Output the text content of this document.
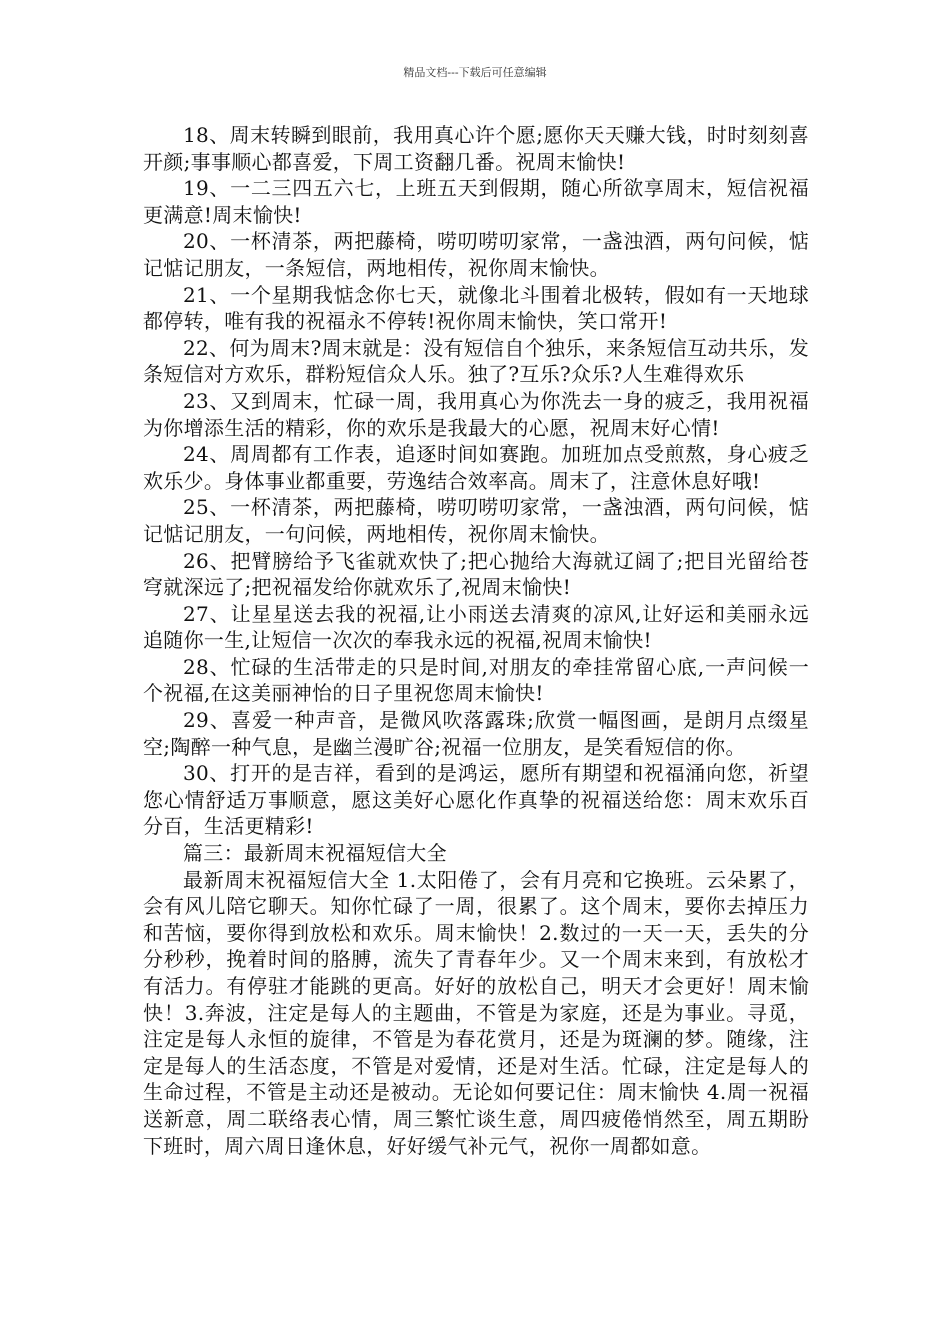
精品文档---下载后可任意编辑

18、周末转瞬到眼前，我用真心许个愿;愿你天天赚大钱，时时刻刻喜开颜;事事顺心都喜爱，下周工资翻几番。祝周末愉快!

19、一二三四五六七，上班五天到假期，随心所欲享周末，短信祝福更满意!周末愉快!

20、一杯清茶，两把藤椅，唠叨唠叨家常，一盏浊酒，两句问候，惦记惦记朋友，一条短信，两地相传，祝你周末愉快。

21、一个星期我惦念你七天，就像北斗围着北极转，假如有一天地球都停转，唯有我的祝福永不停转!祝你周末愉快，笑口常开!

22、何为周末?周末就是：没有短信自个独乐，来条短信互动共乐，发条短信对方欢乐，群粉短信众人乐。独了?互乐?众乐?人生难得欢乐

23、又到周末，忙碌一周，我用真心为你洗去一身的疲乏，我用祝福为你增添生活的精彩，你的欢乐是我最大的心愿，祝周末好心情!

24、周周都有工作表，追逐时间如赛跑。加班加点受煎熬，身心疲乏欢乐少。身体事业都重要，劳逸结合效率高。周末了，注意休息好哦!

25、一杯清茶，两把藤椅，唠叨唠叨家常，一盏浊酒，两句问候，惦记惦记朋友，一句问候，两地相传，祝你周末愉快。

26、把臂膀给予飞雀就欢快了;把心抛给大海就辽阔了;把目光留给苍穹就深远了;把祝福发给你就欢乐了,祝周末愉快!

27、让星星送去我的祝福,让小雨送去清爽的凉风,让好运和美丽永远追随你一生,让短信一次次的奉我永远的祝福,祝周末愉快!

28、忙碌的生活带走的只是时间,对朋友的牵挂常留心底,一声问候一个祝福,在这美丽神怡的日子里祝您周末愉快!

29、喜爱一种声音，是微风吹落露珠;欣赏一幅图画，是朗月点缀星空;陶醉一种气息，是幽兰漫旷谷;祝福一位朋友，是笑看短信的你。

30、打开的是吉祥，看到的是鸿运，愿所有期望和祝福涌向您，祈望您心情舒适万事顺意，愿这美好心愿化作真挚的祝福送给您：周末欢乐百分百，生活更精彩!

篇三：最新周末祝福短信大全

最新周末祝福短信大全 1.太阳倦了，会有月亮和它换班。云朵累了，会有风儿陪它聊天。知你忙碌了一周，很累了。这个周末，要你去掉压力和苦恼，要你得到放松和欢乐。周末愉快！2.数过的一天一天，丢失的分分秒秒，挽着时间的胳膊，流失了青春年少。又一个周末来到，有放松才有活力。有停驻才能跳的更高。好好的放松自己，明天才会更好！周末愉快！3.奔波，注定是每人的主题曲，不管是为家庭，还是为事业。寻觅，注定是每人永恒的旋律，不管是为春花赏月，还是为斑澜的梦。随缘，注定是每人的生活态度，不管是对爱情，还是对生活。忙碌，注定是每人的生命过程，不管是主动还是被动。无论如何要记住：周末愉快 4.周一祝福送新意，周二联络表心情，周三繁忙谈生意，周四疲倦悄然至，周五期盼下班时，周六周日逢休息，好好缓气补元气，祝你一周都如意。
